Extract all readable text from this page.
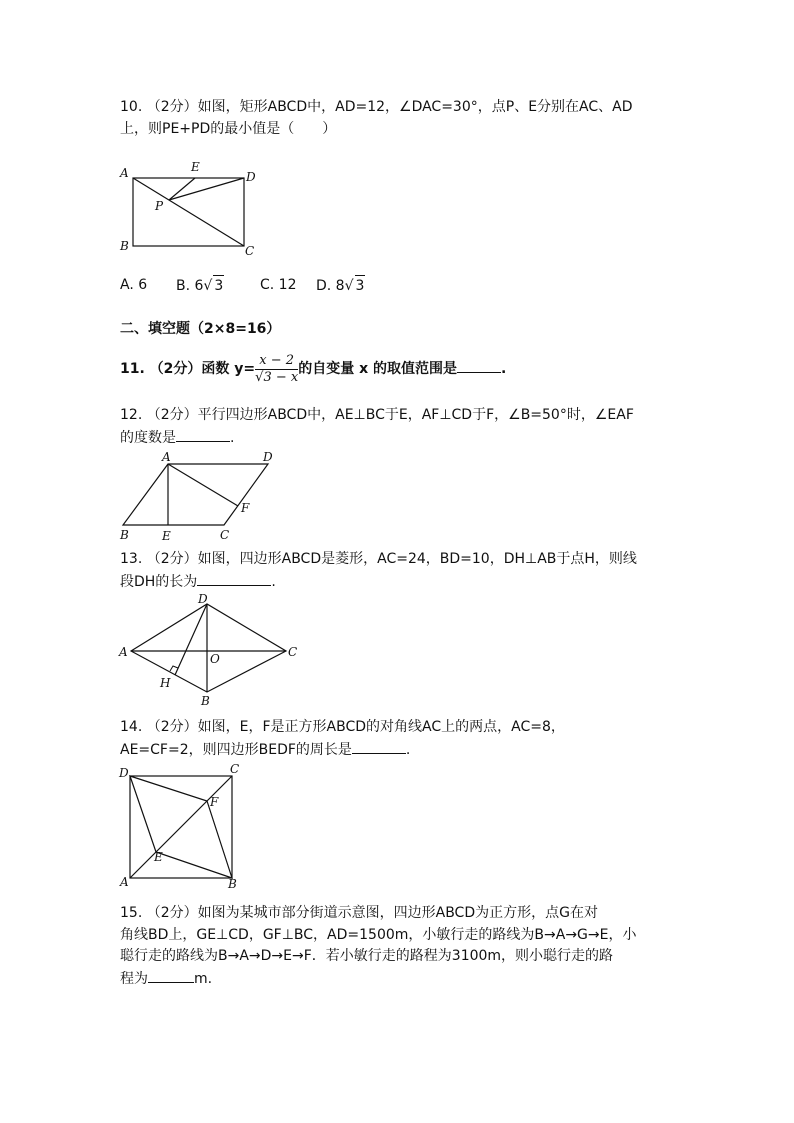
10. （2分）如图，矩形ABCD中，AD=12，∠DAC=30°，点P、E分别在AC、AD
上，则PE+PD的最小值是（　　）
A	E
D
P
B	C
A. 6	B. 6√ 3	C. 12	D. 8√ 3
二、填空题（2×8=16）
11. （2分）函数 $y= \frac{x - 2}{√3 - x}$ 的自变量 x 的取值范围是	.
12. （2分）平行四边形ABCD中，AE⊥BC于E，AF⊥CD于F，∠B=50°时，∠EAF
的度数是	.
A	D
F
B	E	C
13. （2分）如图，四边形ABCD是菱形，AC=24，BD=10，DH⊥AB于点H，则线
段DH的长为	.
D
A	O	C
H
B
14. （2分）如图，E，F是正方形ABCD的对角线AC上的两点，AC=8，
AE=CF=2，则四边形BEDF的周长是	.
D	C
F
E
A	B
15. （2分）如图为某城市部分街道示意图，四边形ABCD为正方形，点G在对
角线BD上，GE⊥CD，GF⊥BC，AD=1500m，小敏行走的路线为B→A→G→E，小
聪行走的路线为B→A→D→E→F．若小敏行走的路程为3100m，则小聪行走的路
程为	m.
